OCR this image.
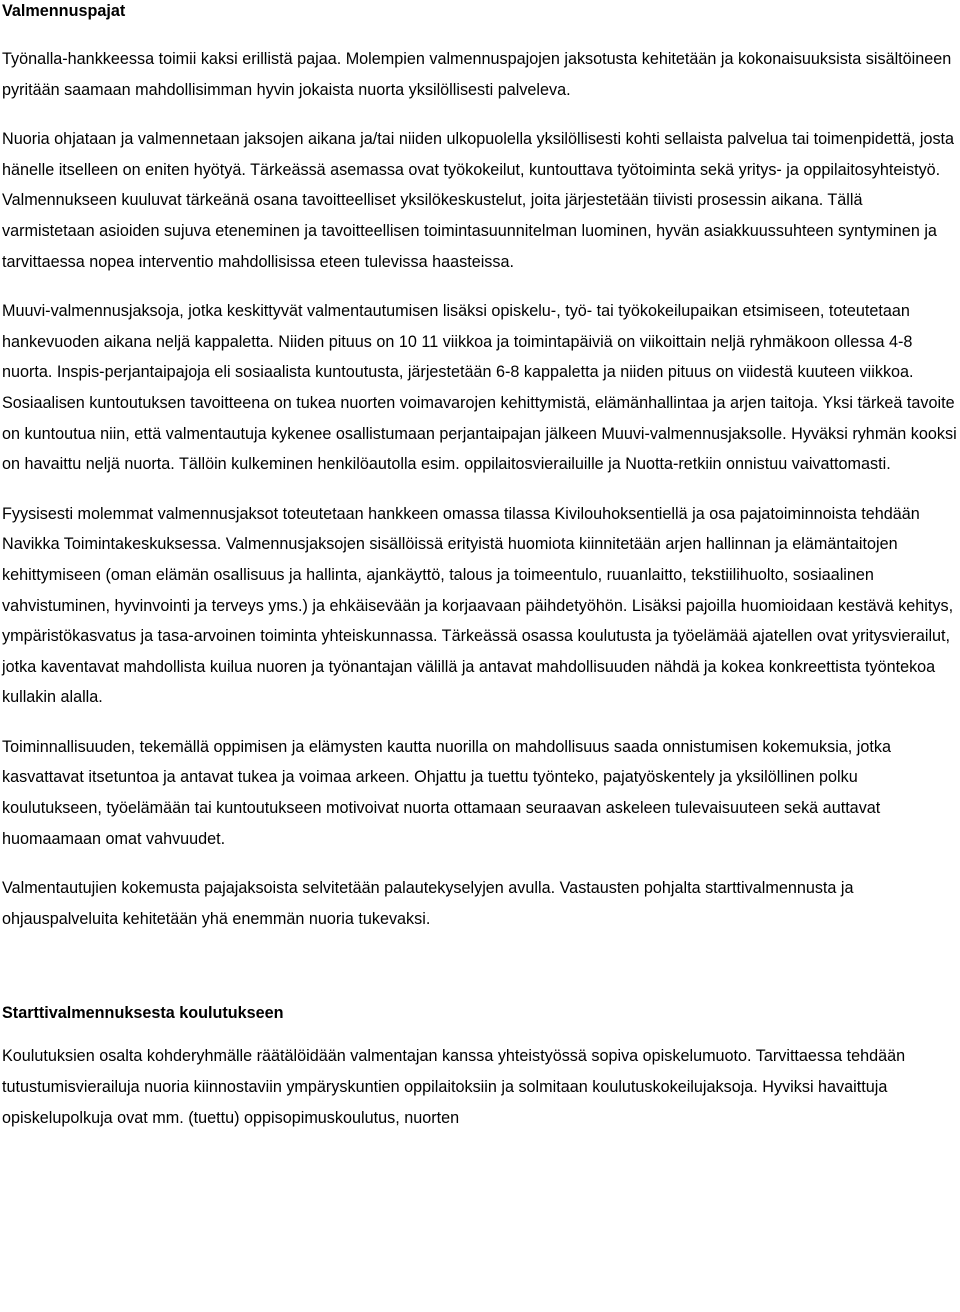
Valmennuspajat

Työnalla-hankkeessa toimii kaksi erillistä pajaa. Molempien valmennuspajojen jaksotusta kehitetään ja kokonaisuuksista sisältöineen pyritään saamaan mahdollisimman hyvin jokaista nuorta yksilöllisesti palveleva.

Nuoria ohjataan ja valmennetaan jaksojen aikana ja/tai niiden ulkopuolella yksilöllisesti kohti sellaista palvelua tai toimenpidettä, josta hänelle itselleen on eniten hyötyä. Tärkeässä asemassa ovat työkokeilut, kuntouttava työtoiminta sekä yritys- ja oppilaitosyhteistyö. Valmennukseen kuuluvat tärkeänä osana tavoitteelliset yksilökeskustelut, joita järjestetään tiivisti prosessin aikana. Tällä varmistetaan asioiden sujuva eteneminen ja tavoitteellisen toimintasuunnitelman luominen, hyvän asiakkuussuhteen syntyminen ja tarvittaessa nopea interventio mahdollisissa eteen tulevissa haasteissa.

Muuvi-valmennusjaksoja, jotka keskittyvät valmentautumisen lisäksi opiskelu-, työ- tai työkokeilupaikan etsimiseen, toteutetaan hankevuoden aikana neljä kappaletta. Niiden pituus on 10 11 viikkoa ja toimintapäiviä on viikoittain neljä ryhmäkoon ollessa 4-8 nuorta. Inspis-perjantaipajoja eli sosiaalista kuntoutusta, järjestetään 6-8 kappaletta ja niiden pituus on viidestä kuuteen viikkoa. Sosiaalisen kuntoutuksen tavoitteena on tukea nuorten voimavarojen kehittymistä, elämänhallintaa ja arjen taitoja. Yksi tärkeä tavoite on kuntoutua niin, että valmentautuja kykenee osallistumaan perjantaipajan jälkeen Muuvi-valmennusjaksolle. Hyväksi ryhmän kooksi on havaittu neljä nuorta. Tällöin kulkeminen henkilöautolla esim. oppilaitosvierailuille ja Nuotta-retkiin onnistuu vaivattomasti.

Fyysisesti molemmat valmennusjaksot toteutetaan hankkeen omassa tilassa Kivilouhoksentiellä ja osa pajatoiminnoista tehdään Navikka Toimintakeskuksessa. Valmennusjaksojen sisällöissä erityistä huomiota kiinnitetään arjen hallinnan ja elämäntaitojen kehittymiseen (oman elämän osallisuus ja hallinta, ajankäyttö, talous ja toimeentulo, ruuanlaitto, tekstiilihuolto, sosiaalinen vahvistuminen, hyvinvointi ja terveys yms.) ja ehkäisevään ja korjaavaan päihdetyöhön. Lisäksi pajoilla huomioidaan kestävä kehitys, ympäristökasvatus ja tasa-arvoinen toiminta yhteiskunnassa. Tärkeässä osassa koulutusta ja työelämää ajatellen ovat yritysvierailut, jotka kaventavat mahdollista kuilua nuoren ja työnantajan välillä ja antavat mahdollisuuden nähdä ja kokea konkreettista työntekoa kullakin alalla.

Toiminnallisuuden, tekemällä oppimisen ja elämysten kautta nuorilla on mahdollisuus saada onnistumisen kokemuksia, jotka kasvattavat itsetuntoa ja antavat tukea ja voimaa arkeen. Ohjattu ja tuettu työnteko, pajatyöskentely ja yksilöllinen polku koulutukseen, työelämään tai kuntoutukseen motivoivat nuorta ottamaan seuraavan askeleen tulevaisuuteen sekä auttavat huomaamaan omat vahvuudet.

Valmentautujien kokemusta pajajaksoista selvitetään palautekyselyjen avulla. Vastausten pohjalta starttivalmennusta ja ohjauspalveluita kehitetään yhä enemmän nuoria tukevaksi.

Starttivalmennuksesta koulutukseen

Koulutuksien osalta kohderyhmälle räätälöidään valmentajan kanssa yhteistyössä sopiva opiskelumuoto. Tarvittaessa tehdään tutustumisvierailuja nuoria kiinnostaviin ympäryskuntien oppilaitoksiin ja solmitaan koulutuskokeilujaksoja. Hyviksi havaittuja opiskelupolkuja ovat mm. (tuettu) oppisopimuskoulutus, nuorten
